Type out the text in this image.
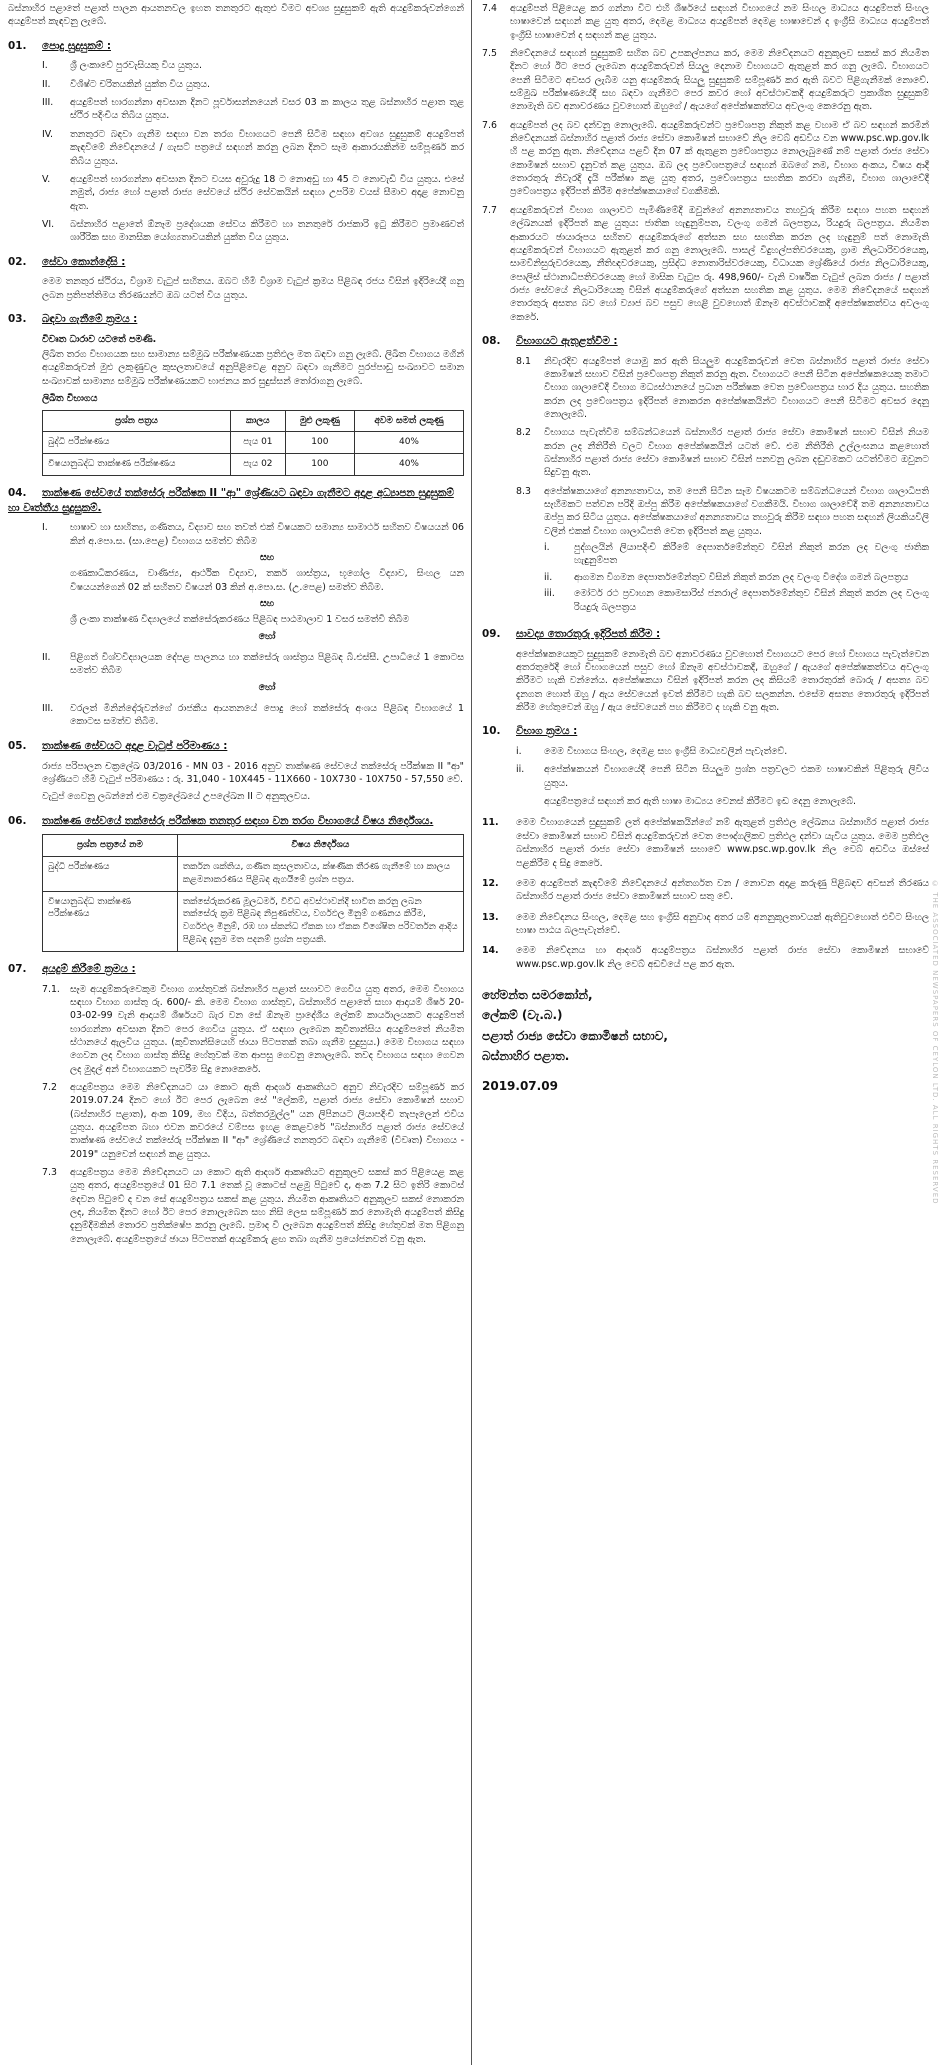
© THE ASSOCIATED NEWSPAPERS OF CEYLON LTD. ALL RIGHTS RESERVED

බස්නාහිර පළාතේ පළාත් පාලන ආයතනවල ඉහත තනතුරට ඇතුළු වීමට අවශ්‍ය සුදුසුකම් ඇති අයදුම්කරුවන්ගෙන් අයදුම්පත් කැඳවනු ලැබේ.

01. පොදු සුදුසුකම් :
I.	ශ්‍රී ලංකාවේ පුරවැසියකු විය යුතුය.
II.	විශිෂ්ට චරිතයකින් යුක්ත විය යුතුය.
III.	අයදුම්පත් භාරගන්නා අවසාන දිනට පූර්වාසන්නයෙන් වසර 03 ක කාලය තුළ බස්නාහිර පළාත තුළ ස්ථිර පදිංචිය තිබිය යුතුය.
IV.	තනතුරට බඳවා ගැනීම සඳහා වන තරග විභාගයට පෙනී සිටීම සඳහා අවශ්‍ය සුදුසුකම් අයදුම්පත් කැඳවීමේ නිවේදනයේ / ගැසට් පත්‍රයේ සඳහන් කරනු ලබන දිනට සෑම ආකාරයකින්ම සම්පූර්ණ කර තිබිය යුතුය.
V.	අයදුම්පත් භාරගන්නා අවසාන දිනට වයස අවුරුදු 18 ට නොඅඩු හා 45 ට නොවැඩි විය යුතුය. එසේ නමුත්, රාජ්‍ය හෝ පළාත් රාජ්‍ය සේවයේ ස්ථිර සේවකයින් සඳහා උපරිම වයස් සීමාව අදාළ නොවනු ඇත.
VI.	බස්නාහිර පළාතේ ඕනෑම ප්‍රදේශයක සේවය කිරීමට හා තනතුරේ රාජකාරි ඉටු කිරීමට ප්‍රමාණවත් ශාරීරික සහ මානසික යෝග්‍යතාවයකින් යුක්ත විය යුතුය.
02. සේවා කොන්දේසි :

මෙම තනතුර ස්ථිරය, විශ්‍රාම වැටුප් සහිතය. ඔබට හිමි විශ්‍රාම වැටුප් ක්‍රමය පිළිබඳ රජය විසින් ඉදිරියේදී ගනු ලබන ප්‍රතිපත්තිමය තීරණයන්ට ඔබ යටත් විය යුතුය.

03. බඳවා ගැනීමේ ක්‍රමය :
විවෘත ධාරාව යටතේ පමණි.

ලිඛිත තරග විභාගයක සහ සාමාන්‍ය සම්මුඛ පරීක්ෂණයක ප්‍රතිඵල මත බඳවා ගනු ලැබේ. ලිඛිත විභාගය මගින් අයදුම්කරුවන් මුළු ලකුණුවල කුසලතාවයේ අනුපිළිවෙළ අනුව බඳවා ගැනීමට පුරප්පාඩු සංඛ්‍යාවට සමාන සංඛ්‍යාවක් සාමාන්‍ය සම්මුඛ පරීක්ෂණයකට භාජනය කර සුදුස්සන් තෝරාගනු ලැබේ.

ලිඛිත විභාගය
ප්‍රශ්න පත්‍රය	කාලය	මුළු ලකුණු	අවම සමත් ලකුණු
බුද්ධි පරීක්ෂණය	පැය 01	100	40%
විෂයානුබද්ධ තාක්ෂණ පරීක්ෂණය	පැය 02	100	40%
04. තාක්ෂණ සේවයේ තක්සේරු පරීක්ෂක II "ආ" ශ්‍රේණියට බඳවා ගැනීමට අදාළ අධ්‍යාපන සුදුසුකම් හා වෘත්තීය සුදුසුකම්.
I.	භාෂාව හා සාහිත්‍ය, ගණිතය, විද්‍යාව සහ තවත් එක් විෂයකට සමාන්‍ය සාමාර්ථ සහිතව විෂයයන් 06 කින් අ.පො.ස. (සා.පෙළ) විභාගය සමත්ව තිබීම
සහ
ගණකාධිකරණය, වාණිජ්‍ය, ආර්ථික විද්‍යාව, තර්ක ශාස්ත්‍රය, භූගෝල විද්‍යාව, සිංහල යන විෂයයන්ගෙන් 02 ක් සහිතව විෂයන් 03 කින් අ.පො.ස. (උ.පෙළ) සමත්ව තිබීම.
සහ
ශ්‍රී ලංකා තාක්ෂණ විද්‍යාලයේ තක්සේරුකරණය පිළිබඳ පාඨමාලාව 1 වසර සමත්වී තිබීම
හෝ
II.	පිළිගත් විශ්වවිද්‍යාලයක දේපළ පාලනය හා තක්සේරු ශාස්ත්‍රය පිළිබඳ බී.එස්සී. උපාධියේ 1 කොටස සමත්ව තිබීම
හෝ
III.	වරලත් මිනින්දෝරුවන්ගේ රාජකීය ආයතනයේ පොදු හෝ තක්සේරු අංශය පිළිබඳ විභාගයේ 1 කොටස සමත්ව තිබීම.
05. තාක්ෂණ සේවයට අදාළ වැටුප් පරිමාණය :

රාජ්‍ය පරිපාලන චක්‍රලේඛ 03/2016 - MN 03 - 2016 අනුව තාක්ෂණ සේවයේ තක්සේරු පරීක්ෂක II "ආ" ශ්‍රේණියට හිමි වැටුප් පරිමාණය : රු. 31,040 - 10X445 - 11X660 - 10X730 - 10X750 - 57,550 වේ.

වැටුප් ගෙවනු ලබන්නේ එම චක්‍රලේඛයේ උපලේඛන II ට අනුකූලවය.

06. තාක්ෂණ සේවයේ තක්සේරු පරීක්ෂක තනතුර සඳහා වන තරග විභාගයේ විෂය නිර්දේශය.
ප්‍රශ්න පත්‍රයේ නම	විෂය නිර්දේශය
බුද්ධි පරීක්ෂණය	තර්කන ශක්තිය, ගණිත කුසලතාවය, ක්ෂණික තීරණ ගැනීමේ හා කාලය කළමනාකරණය පිළිබඳ ඇගයීමේ ප්‍රශ්න පත්‍රය.
විෂයානුබද්ධ තාක්ෂණ පරීක්ෂණය	තක්සේරුකරණ මූලධර්ම, විවිධ අවස්ථාවන්දී භාවිත කරනු ලබන තක්සේරු ක්‍රම පිළිබඳ නිපුණත්වය, වර්ගඵල මිනුම් ගණනය කිරීම, වර්ගඵල මිනුම්, රඹ හා ස්කන්ධ ඒකක හා ඒකක විශේෂිත පරිවර්තන ආදිය පිළිබඳ දැනුම මත පදනම් ප්‍රශ්න පත්‍රයකි.
07. අයදුම් කිරීමේ ක්‍රමය :
7.1.	සෑම අයදුම්කරුවෙකුම විභාග ගාස්තුවක් බස්නාහිර පළාත් සභාවට ගෙවිය යුතු අතර, මෙම විභාගය සඳහා විභාග ගාස්තු රු. 600/- කි. මෙම විභාග ගාස්තුව, බස්නාහිර පළාතේ සහා ආදායම් ශීර්ෂ 20-03-02-99 වැනි ආදායම් ශීර්ෂයට බැර වන සේ ඕනෑම ප්‍රාදේශීය ලේකම් කාර්යාලයකට අයදුම්පත් භාරගන්නා අවසාන දිනට පෙර ගෙවිය යුතුය. ඒ සඳහා ලැබෙන කුවිතාන්සිය අයදුම්පතේ නියමිත ස්ථානයේ ඇලවිය යුතුය. (කුවිතාන්සියෙහි ඡායා පිටපතක් තබා ගැනීම සුදුසුය.) මෙම විභාගය සඳහා ගෙවන ලද විභාග ගාස්තු කිසිදු හේතුවක් මත ආපසු ගෙවනු නොලැබේ. තවද විභාගය සඳහා ගෙවන ලද මුදල් අන් විභාගයකට පැවරීම සිදු නොකෙරේ.
7.2	අයදුම්පත්‍රය මෙම නිවේදනයට යා කොට ඇති ආදර්ශ ආකෘතියට අනුව නිවැරදිව සම්පූර්ණ කර 2019.07.24 දිනට හෝ ඊට පෙර ලැබෙන සේ "ලේකම්, පළාත් රාජ්‍ය සේවා කොමිෂන් සභාව (බස්නාහිර පළාත), අංක 109, මහ වීදිය, බත්තරමුල්ල" යන ලිපිනයට ලියාපදිංචි තැපෑලෙන් එවිය යුතුය. අයදුම්පත බහා එවන කවරයේ වම්පස ඉහළ කෙළවරේ "බස්නාහිර පළාත් රාජ්‍ය සේවයේ තාක්ෂණ සේවයේ තක්සේරු පරීක්ෂක II "ආ" ශ්‍රේණියේ තනතුරට බඳවා ගැනීමේ (විවෘත) විභාගය - 2019" යනුවෙන් සඳහන් කළ යුතුය.
7.3	අයදුම්පත්‍රය මෙම නිවේදනයට යා කොට ඇති ආදර්ශ ආකෘතියට අනුකූලව සකස් කර පිළියෙළ කළ යුතු අතර, අයදුම්පත්‍රයේ 01 සිට 7.1 තෙක් වූ කොටස් පළමු පිටුවේ ද, අංක 7.2 සිට ඉතිරි කොටස් දෙවන පිටුවේ ද වන සේ අයදුම්පත්‍රය සකස් කළ යුතුය. නියමිත ආකෘතියට අනුකූලව සකස් නොකරන ලද, නියමිත දිනට හෝ ඊට පෙර නොලැබෙන සහ නිසි ලෙස සම්පූර්ණ කර නොමැති අයදුම්පත් කිසිදු දැනුම්දීමකින් තොරව ප්‍රතික්ෂේප කරනු ලැබේ. ප්‍රමාද වී ලැබෙන අයදුම්පත් කිසිදු හේතුවක් මත පිළිගනු නොලැබේ. අයදුම්පත්‍රයේ ඡායා පිටපතක් අයදුම්කරු ළඟ තබා ගැනීම ප්‍රයෝජනවත් වනු ඇත.
7.4	අයදුම්පත් පිළියෙළ කර ගන්නා විට එහි ශීර්ෂයේ සඳහන් විභාගයේ නම සිංහල මාධ්‍යය අයදුම්පත් සිංහල භාෂාවෙන් සඳහන් කළ යුතු අතර, දෙමළ මාධ්‍යය අයදුම්පත් දෙමළ භාෂාවෙන් ද ඉංග්‍රීසි මාධ්‍යය අයදුම්පත් ඉංග්‍රීසි භාෂාවෙන් ද සඳහන් කළ යුතුය.
7.5	නිවේදනයේ සඳහන් සුදුසුකම් සහිත බව උපකල්පනය කර, මෙම නිවේදනයට අනුකූලව සකස් කර නියමිත දිනට හෝ ඊට පෙර ලැබෙන අයදුම්කරුවන් සියලු දෙනාම විභාගයට ඇතුළත් කර ගනු ලැබේ. විභාගයට පෙනී සිටීමට අවසර ලැබීම යනු අයදුම්කරු සියලු සුදුසුකම් සම්පූර්ණ කර ඇති බවට පිළිගැනීමක් නොවේ. සම්මුඛ පරීක්ෂණයේදී සහ බඳවා ගැනීමට පෙර කවර හෝ අවස්ථාවකදී අයදුම්කරුට ප්‍රකාශිත සුදුසුකම් නොමැති බව අනාවරණය වුවහොත් ඔහුගේ / ඇයගේ අපේක්ෂකත්වය අවලංගු කෙරෙනු ඇත.
7.6	අයදුම්පත් ලද බව දන්වනු නොලැබේ. අයදුම්කරුවන්ට ප්‍රවේශපත්‍ර නිකුත් කළ වහාම ඒ බව සඳහන් කරමින් නිවේදනයක් බස්නාහිර පළාත් රාජ්‍ය සේවා කොමිෂන් සභාවේ නිල වෙබ් අඩවිය වන www.psc.wp.gov.lk හි පළ කරනු ඇත. නිවේදනය පළවී දින 07 ක් ඇතුළත ප්‍රවේශපත්‍රය නොලැබුණේ නම් පළාත් රාජ්‍ය සේවා කොමිෂන් සභාව දැනුවත් කළ යුතුය. ඔබ ලද ප්‍රවේශපත්‍රයේ සඳහන් ඔබගේ නම, විභාග අංකය, විෂය ආදී තොරතුරු නිවැරදි දැයි පරීක්ෂා කළ යුතු අතර, ප්‍රවේශපත්‍රය සහතික කරවා ගැනීම, විභාග ශාලාවේදී ප්‍රවේශපත්‍රය ඉදිරිපත් කිරීම අපේක්ෂකයාගේ වගකීමකි.
7.7	අයදුම්කරුවන් විභාග ශාලාවට පැමිණීමේදී ඔවුන්ගේ අනන්‍යතාවය තහවුරු කිරීම සඳහා පහත සඳහන් ලේඛනයක් ඉදිරිපත් කළ යුතුය: ජාතික හැඳුනුම්පත, වලංගු ගමන් බලපත්‍රය, රියදුරු බලපත්‍රය. නියමිත ආකාරයට ඡායාරූපය සහිතව අයදුම්කරුගේ අත්සන සහ සහතික කරන ලද හැඳුනුම් පත් නොමැති අයදුම්කරුවන් විභාගයට ඇතුළත් කර ගනු නොලැබේ. පාසල් විදුහල්පතිවරයෙකු, ග්‍රාම නිලධාරිවරයෙකු, සාමවිනිසුරුවරයෙකු, නීතිඥවරයෙකු, ප්‍රසිද්ධ නොතාරිස්වරයෙකු, විධායක ශ්‍රේණියේ රාජ්‍ය නිලධාරියෙකු, පොලිස් ස්ථානාධිපතිවරයෙකු හෝ මාසික වැටුප රු. 498,960/- වැනි වාර්ෂික වැටුප් ලබන රාජ්‍ය / පළාත් රාජ්‍ය සේවයේ නිලධාරියෙකු විසින් අයදුම්කරුගේ අත්සන සහතික කළ යුතුය. මෙම නිවේදනයේ සඳහන් තොරතුරු අසත්‍ය බව හෝ ව්‍යාජ බව පසුව හෙළි වුවහොත් ඕනෑම අවස්ථාවකදී අපේක්ෂකත්වය අවලංගු කෙරේ.
08. විභාගයට ඇතුළත්වීම :
8.1	නිවැරදිව අයදුම්පත් යොමු කර ඇති සියලුම අයදුම්කරුවන් වෙත බස්නාහිර පළාත් රාජ්‍ය සේවා කොමිෂන් සභාව විසින් ප්‍රවේශපත්‍ර නිකුත් කරනු ඇත. විභාගයට පෙනී සිටින අපේක්ෂකයෙකු තමාට විභාග ශාලාවේදී විභාග මධ්‍යස්ථානයේ ප්‍රධාන පරීක්ෂක වෙත ප්‍රවේශපත්‍රය භාර දිය යුතුය. සහතික කරන ලද ප්‍රවේශපත්‍රය ඉදිරිපත් නොකරන අපේක්ෂකයින්ට විභාගයට පෙනී සිටීමට අවසර දෙනු නොලැබේ.
8.2	විභාගය පැවැත්වීම සම්බන්ධයෙන් බස්නාහිර පළාත් රාජ්‍ය සේවා කොමිෂන් සභාව විසින් නියම කරන ලද නීතිරීති වලට විභාග අපේක්ෂකයින් යටත් වේ. එම නීතිරීති උල්ලංඝනය කළහොත් බස්නාහිර පළාත් රාජ්‍ය සේවා කොමිෂන් සභාව විසින් පනවනු ලබන දඬුවමකට යටත්වීමට ඔවුනට සිදුවනු ඇත.
8.3	අපේක්ෂකයාගේ අනන්‍යතාවය, තම පෙනී සිටින සෑම විෂයකටම සම්බන්ධයෙන් විභාග ශාලාධිපති සෑහීමකට පත්වන පරිදි ඔප්පු කිරීම අපේක්ෂකයාගේ වගකීමයි. විභාග ශාලාවේදී තම අනන්‍යතාවය ඔප්පු කර සිටිය යුතුය. අපේක්ෂකයාගේ අනන්‍යතාවය තහවුරු කිරීම සඳහා පහත සඳහන් ලියකියවිලි වලින් එකක් විභාග ශාලාධිපති වෙත ඉදිරිපත් කළ යුතුය.
i.	පුද්ගලයින් ලියාපදිංචි කිරීමේ දෙපාර්තමේන්තුව විසින් නිකුත් කරන ලද වලංගු ජාතික හැඳුනුම්පත
ii.	ආගමන විගමන දෙපාර්තමේන්තුව විසින් නිකුත් කරන ලද වලංගු විදේශ ගමන් බලපත්‍රය
iii.	මෝටර් රථ ප්‍රවාහන කොමසාරිස් ජනරාල් දෙපාර්තමේන්තුව විසින් නිකුත් කරන ලද වලංගු රියදුරු බලපත්‍රය
09. සාවද්‍ය තොරතුරු ඉදිරිපත් කිරීම :

අපේක්ෂකයෙකුට සුදුසුකම් නොමැති බව අනාවරණය වුවහොත් විභාගයට පෙර හෝ විභාගය පැවැත්වෙන අතරතුරේදී හෝ විභාගයෙන් පසුව හෝ ඕනෑම අවස්ථාවකදී, ඔහුගේ / ඇයගේ අපේක්ෂකත්වය අවලංගු කිරීමට හැකි වන්නේය. අපේක්ෂකයා විසින් ඉදිරිපත් කරන ලද කිසියම් තොරතුරක් බොරු / අසත්‍ය බව දැනගත හොත් ඔහු / ඇය සේවයෙන් ඉවත් කිරීමට හැකි බව සලකන්න. එසේම අසත්‍ය තොරතුරු ඉදිරිපත් කිරීම හේතුවෙන් ඔහු / ඇය සේවයෙන් පහ කිරීමට ද හැකි වනු ඇත.

10. විභාග ක්‍රමය :
i.	මෙම විභාගය සිංහල, දෙමළ සහ ඉංග්‍රීසි මාධ්‍යවලින් පැවැත්වේ.
ii.	අපේක්ෂකයන් විභාගයේදී පෙනී සිටින සියලුම ප්‍රශ්න පත්‍රවලට එකම භාෂාවකින් පිළිතුරු ලිවිය යුතුය.

අයදුම්පත්‍රයේ සඳහන් කර ඇති භාෂා මාධ්‍යය වෙනස් කිරීමට ඉඩ දෙනු නොලැබේ.

11.	මෙම විභාගයෙන් සුදුසුකම් ලත් අපේක්ෂකයින්ගේ නම් ඇතුළත් ප්‍රතිඵල ලේඛනය බස්නාහිර පළාත් රාජ්‍ය සේවා කොමිෂන් සභාව විසින් අයදුම්කරුවන් වෙත පෞද්ගලිකව ප්‍රතිඵල දන්වා යැවිය යුතුය. මෙම ප්‍රතිඵල බස්නාහිර පළාත් රාජ්‍ය සේවා කොමිෂන් සභාවේ www.psc.wp.gov.lk නිල වෙබ් අඩවිය ඔස්සේ පළකිරීම ද සිදු කෙරේ.
12.	මෙම අයදුම්පත් කැඳවීමේ නිවේදනයේ අන්තර්ගත වන / නොවන අදාළ කරුණු පිළිබඳව අවසන් තීරණය බස්නාහිර පළාත් රාජ්‍ය සේවා කොමිෂන් සභාව සතු වේ.
13.	මෙම නිවේදනය සිංහල, දෙමළ සහ ඉංග්‍රීසි අනුවාද අතර යම් අනනුකූලතාවයක් ඇතිවුවහොත් එවිට සිංහල භාෂා පාඨය බලපැවැත්වේ.
14.	මෙම නිවේදනය හා ආදර්ශ අයදුම්පත්‍රය බස්නාහිර පළාත් රාජ්‍ය සේවා කොමිෂන් සභාවේ www.psc.wp.gov.lk නිල වෙබ් අඩවියේ පළ කර ඇත.
හේමන්ත සමරකෝන්,
ලේකම් (වැ.බ.)
පළාත් රාජ්‍ය සේවා කොමිෂන් සභාව,
බස්නාහිර පළාත.
2019.07.09
